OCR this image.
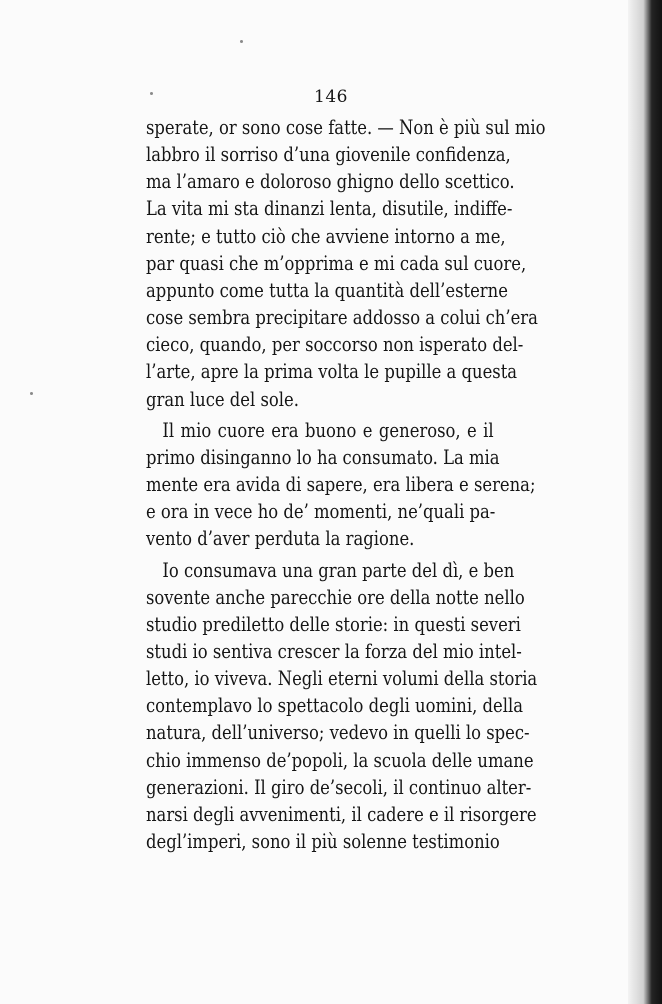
146
sperate, or sono cose fatte. — Non è più sul mio
labbro il sorriso d’una giovenile confidenza,
ma l’amaro e doloroso ghigno dello scettico.
La vita mi sta dinanzi lenta, disutile, indiffe-
rente; e tutto ciò che avviene intorno a me,
par quasi che m’opprima e mi cada sul cuore,
appunto come tutta la quantità dell’esterne
cose sembra precipitare addosso a colui ch’era
cieco, quando, per soccorso non isperato del-
l’arte, apre la prima volta le pupille a questa
gran luce del sole.
Il mio cuore era buono e generoso, e il
primo disinganno lo ha consumato. La mia
mente era avida di sapere, era libera e serena;
e ora in vece ho de’ momenti, ne’quali pa-
vento d’aver perduta la ragione.
Io consumava una gran parte del dì, e ben
sovente anche parecchie ore della notte nello
studio prediletto delle storie: in questi severi
studi io sentiva crescer la forza del mio intel-
letto, io viveva. Negli eterni volumi della storia
contemplavo lo spettacolo degli uomini, della
natura, dell’universo; vedevo in quelli lo spec-
chio immenso de’popoli, la scuola delle umane
generazioni. Il giro de’secoli, il continuo alter-
narsi degli avvenimenti, il cadere e il risorgere
degl’imperi, sono il più solenne testimonio
